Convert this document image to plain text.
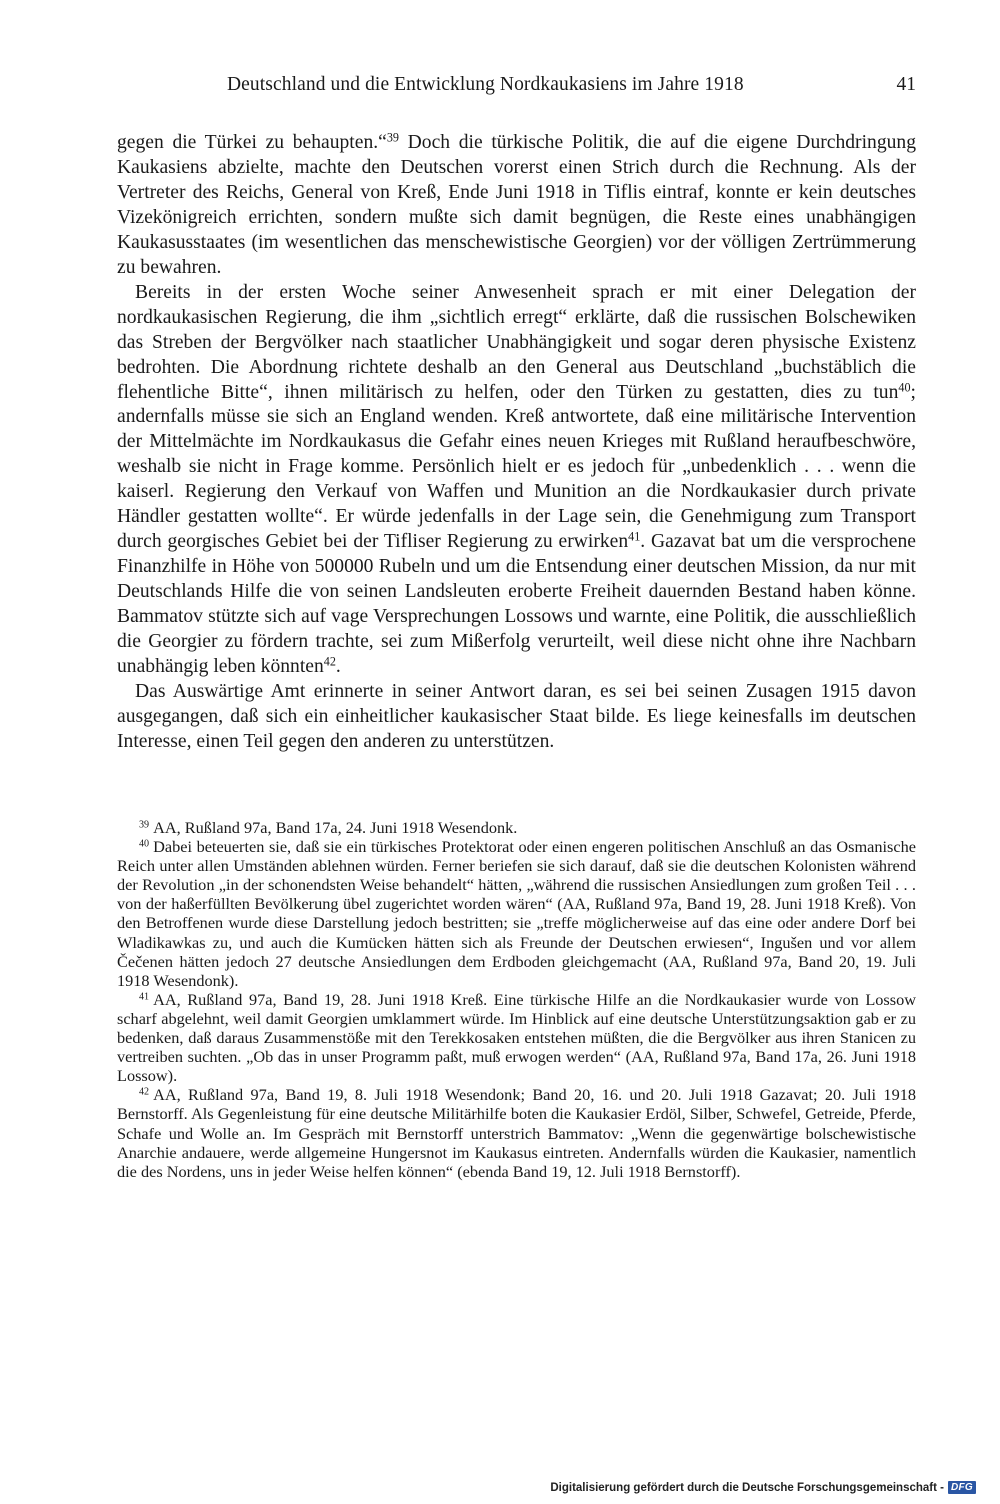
Deutschland und die Entwicklung Nordkaukasiens im Jahre 1918	41

gegen die Türkei zu behaupten.“$^{39}$ Doch die türkische Politik, die auf die eigene Durchdringung Kaukasiens abzielte, machte den Deutschen vorerst einen Strich durch die Rechnung. Als der Vertreter des Reichs, General von Kreß, Ende Juni 1918 in Tiflis eintraf, konnte er kein deutsches Vizekönigreich errichten, sondern mußte sich damit begnügen, die Reste eines unabhängigen Kaukasusstaates (im wesentlichen das menschewistische Georgien) vor der völligen Zertrümmerung zu bewahren.

Bereits in der ersten Woche seiner Anwesenheit sprach er mit einer Delegation der nordkaukasischen Regierung, die ihm „sichtlich erregt“ erklärte, daß die russischen Bolschewiken das Streben der Bergvölker nach staatlicher Unabhängigkeit und sogar deren physische Existenz bedrohten. Die Abordnung richtete deshalb an den General aus Deutschland „buchstäblich die flehentliche Bitte“, ihnen militärisch zu helfen, oder den Türken zu gestatten, dies zu tun$^{40}$; andernfalls müsse sie sich an England wenden. Kreß antwortete, daß eine militärische Intervention der Mittelmächte im Nordkaukasus die Gefahr eines neuen Krieges mit Rußland heraufbeschwöre, weshalb sie nicht in Frage komme. Persönlich hielt er es jedoch für „unbedenklich . . . wenn die kaiserl. Regierung den Verkauf von Waffen und Munition an die Nordkaukasier durch private Händler gestatten wollte“. Er würde jedenfalls in der Lage sein, die Genehmigung zum Transport durch georgisches Gebiet bei der Tifliser Regierung zu erwirken$^{41}$. Gazavat bat um die versprochene Finanzhilfe in Höhe von 500000 Rubeln und um die Entsendung einer deutschen Mission, da nur mit Deutschlands Hilfe die von seinen Landsleuten eroberte Freiheit dauernden Bestand haben könne. Bammatov stützte sich auf vage Versprechungen Lossows und warnte, eine Politik, die ausschließlich die Georgier zu fördern trachte, sei zum Mißerfolg verurteilt, weil diese nicht ohne ihre Nachbarn unabhängig leben könnten$^{42}$.

Das Auswärtige Amt erinnerte in seiner Antwort daran, es sei bei seinen Zusagen 1915 davon ausgegangen, daß sich ein einheitlicher kaukasischer Staat bilde. Es liege keinesfalls im deutschen Interesse, einen Teil gegen den anderen zu unterstützen.

$^{39}$ AA, Rußland 97a, Band 17a, 24. Juni 1918 Wesendonk.

$^{40}$ Dabei beteuerten sie, daß sie ein türkisches Protektorat oder einen engeren politischen Anschluß an das Osmanische Reich unter allen Umständen ablehnen würden. Ferner beriefen sie sich darauf, daß sie die deutschen Kolonisten während der Revolution „in der schonendsten Weise behandelt“ hätten, „während die russischen Ansiedlungen zum großen Teil . . . von der haßerfüllten Bevölkerung übel zugerichtet worden wären“ (AA, Rußland 97a, Band 19, 28. Juni 1918 Kreß). Von den Betroffenen wurde diese Darstellung jedoch bestritten; sie „treffe möglicherweise auf das eine oder andere Dorf bei Wladikawkas zu, und auch die Kumücken hätten sich als Freunde der Deutschen erwiesen“, Ingušen und vor allem Čečenen hätten jedoch 27 deutsche Ansiedlungen dem Erdboden gleichgemacht (AA, Rußland 97a, Band 20, 19. Juli 1918 Wesendonk).

$^{41}$ AA, Rußland 97a, Band 19, 28. Juni 1918 Kreß. Eine türkische Hilfe an die Nordkaukasier wurde von Lossow scharf abgelehnt, weil damit Georgien umklammert würde. Im Hinblick auf eine deutsche Unterstützungsaktion gab er zu bedenken, daß daraus Zusammenstöße mit den Terekkosaken entstehen müßten, die die Bergvölker aus ihren Stanicen zu vertreiben suchten. „Ob das in unser Programm paßt, muß erwogen werden“ (AA, Rußland 97a, Band 17a, 26. Juni 1918 Lossow).

$^{42}$ AA, Rußland 97a, Band 19, 8. Juli 1918 Wesendonk; Band 20, 16. und 20. Juli 1918 Gazavat; 20. Juli 1918 Bernstorff. Als Gegenleistung für eine deutsche Militärhilfe boten die Kaukasier Erdöl, Silber, Schwefel, Getreide, Pferde, Schafe und Wolle an. Im Gespräch mit Bernstorff unterstrich Bammatov: „Wenn die gegenwärtige bolschewistische Anarchie andauere, werde allgemeine Hungersnot im Kaukasus eintreten. Andernfalls würden die Kaukasier, namentlich die des Nordens, uns in jeder Weise helfen können“ (ebenda Band 19, 12. Juli 1918 Bernstorff).

Digitalisierung gefördert durch die Deutsche Forschungsgemeinschaft - DFG
